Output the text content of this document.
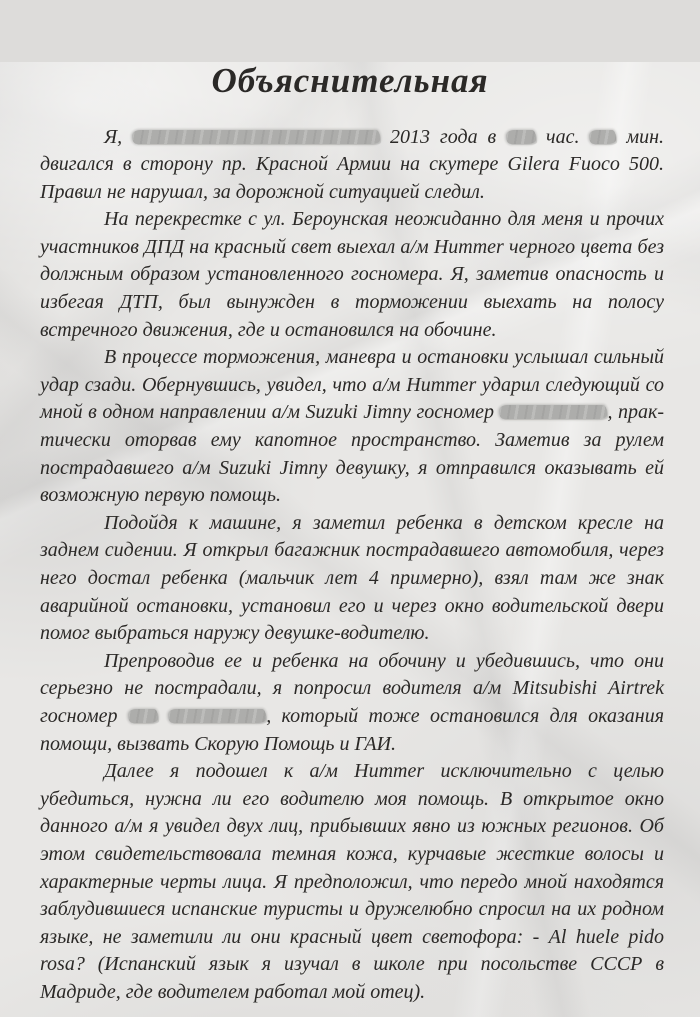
Объяснительная

Я,	2013 года в  час.  мин. двигался в сторону пр. Красной Армии на скутере Gilera Fuoco 500. Правил не нарушал, за дорожной ситуацией следил.

На перекрестке с ул. Бероунская неожиданно для меня и прочих участников ДПД на красный свет выехал а/м Hummer черного цвета без должным образом установленного госномера. Я, заметив опасность и избегая ДТП, был вынужден в торможении выехать на полосу встречного движения, где и остановился на обочине.

В процессе торможения, маневра и остановки услышал сильный удар сзади. Обернувшись, увидел, что а/м Hummer ударил следующий со мной в одном направлении а/м Suzuki Jimny госномер	, практически оторвав ему капотное пространство. Заметив за рулем пострадавшего а/м Suzuki Jimny девушку, я отправился оказывать ей возможную первую помощь.

Подойдя к машине, я заметил ребенка в детском кресле на заднем сидении. Я открыл багажник пострадавшего автомобиля, через него достал ребенка (мальчик лет 4 примерно), взял там же знак аварийной остановки, установил его и через окно водительской двери помог выбраться наружу девушке-водителю.

Препроводив ее и ребенка на обочину и убедившись, что они серьезно не пострадали, я попросил водителя а/м Mitsubishi Airtrek госномер	, который тоже остановился для оказания помощи, вызвать Скорую Помощь и ГАИ.

Далее я подошел к а/м Hummer исключительно с целью убедиться, нужна ли его водителю моя помощь. В открытое окно данного а/м я увидел двух лиц, прибывших явно из южных регионов. Об этом свидетельствовала темная кожа, курчавые жесткие волосы и характерные черты лица. Я предположил, что передо мной находятся заблудившиеся испанские туристы и дружелюбно спросил на их родном языке, не заметили ли они красный цвет светофора: - Al huele pido rosa? (Испанский язык я изучал в школе при посольстве СССР в Мадриде, где водителем работал мой отец).
